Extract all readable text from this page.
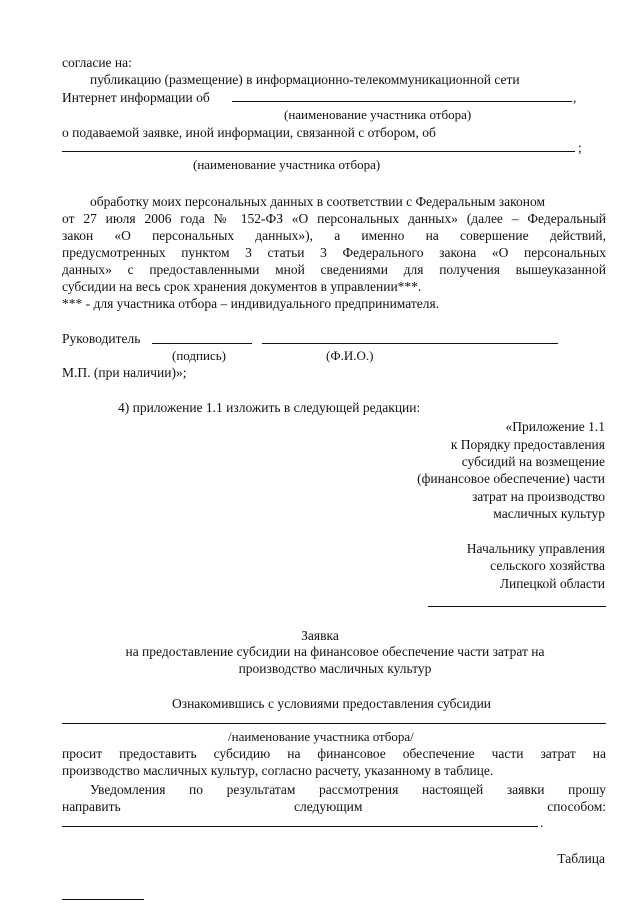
согласие на:
публикацию (размещение) в информационно-телекоммуникационной сети
Интернет информации об	,
(наименование участника отбора)
о подаваемой заявке, иной информации, связанной с отбором, об
;
(наименование участника отбора)
обработку моих персональных данных в соответствии с Федеральным законом
от 27 июля 2006 года № 152-ФЗ «О персональных данных» (далее – Федеральный
закон «О персональных данных»), а именно на совершение действий,
предусмотренных пунктом 3 статьи 3 Федерального закона «О персональных
данных» с предоставленными мной сведениями для получения вышеуказанной
субсидии на весь срок хранения документов в управлении***.
*** - для участника отбора – индивидуального предпринимателя.
Руководитель
(подпись)	(Ф.И.О.)
М.П. (при наличии)»;
4) приложение 1.1 изложить в следующей редакции:
«Приложение 1.1
к Порядку предоставления
субсидий на возмещение
(финансовое обеспечение) части
затрат на производство
масличных культур
Начальнику управления
сельского хозяйства
Липецкой области
Заявка
на предоставление субсидии на финансовое обеспечение части затрат на
производство масличных культур
Ознакомившись с условиями предоставления субсидии
/наименование участника отбора/
просит предоставить субсидию на финансовое обеспечение части затрат на
производство масличных культур, согласно расчету, указанному в таблице.
Уведомления по результатам рассмотрения настоящей заявки прошу
направить	следующим	способом:
.
Таблица
